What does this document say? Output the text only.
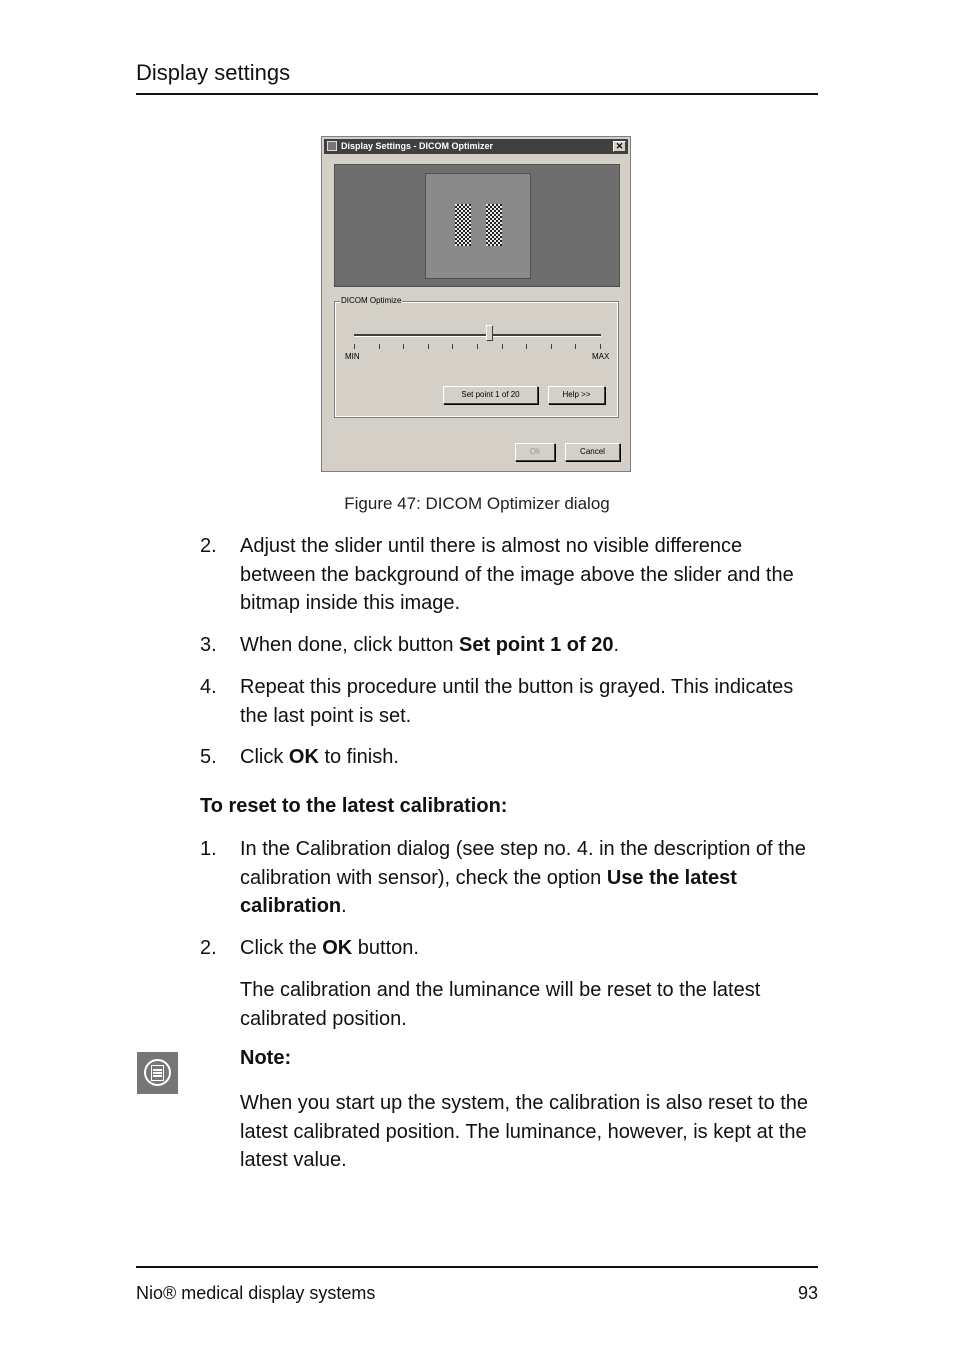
Display settings
Display Settings - DICOM Optimizer	✕
DICOM Optimize
MIN	MAX
Set point 1 of 20	Help >>
Ok	Cancel
Figure 47: DICOM Optimizer dialog
2.	Adjust the slider until there is almost no visible difference between the background of the image above the slider and the bitmap inside this image.
3.	When done, click button Set point 1 of 20.
4.	Repeat this procedure until the button is grayed. This indicates the last point is set.
5.	Click OK to finish.
To reset to the latest calibration:
1.	In the Calibration dialog (see step no. 4. in the description of the calibration with sensor), check the option Use the latest calibration.
2.	Click the OK button.
The calibration and the luminance will be reset to the latest calibrated position.
Note:
When you start up the system, the calibration is also reset to the latest calibrated position. The luminance, however, is kept at the latest value.
Nio® medical display systems	93
